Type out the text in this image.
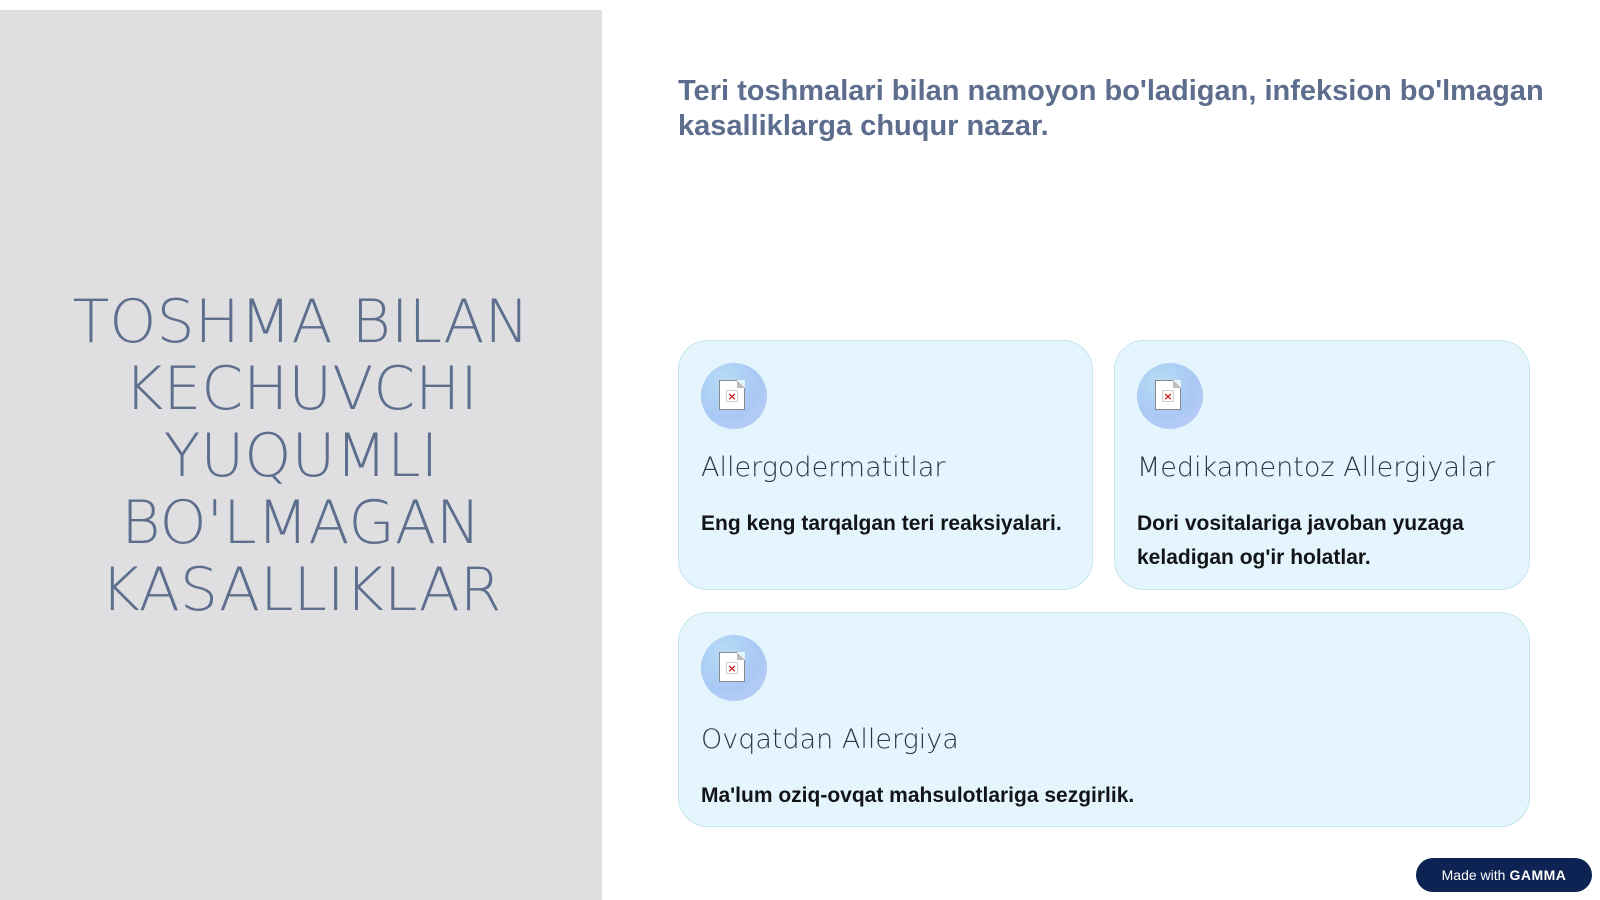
TOSHMA BILAN
KECHUVCHI
YUQUMLI
BO'LMAGAN
KASALLIKLAR
Teri toshmalari bilan namoyon bo'ladigan, infeksion bo'lmagan kasalliklarga chuqur nazar.
×
Allergodermatitlar
Eng keng tarqalgan teri reaksiyalari.
×
Medikamentoz Allergiyalar
Dori vositalariga javoban yuzaga keladigan og'ir holatlar.
×
Ovqatdan Allergiya
Ma'lum oziq-ovqat mahsulotlariga sezgirlik.
Made with GAMMA
